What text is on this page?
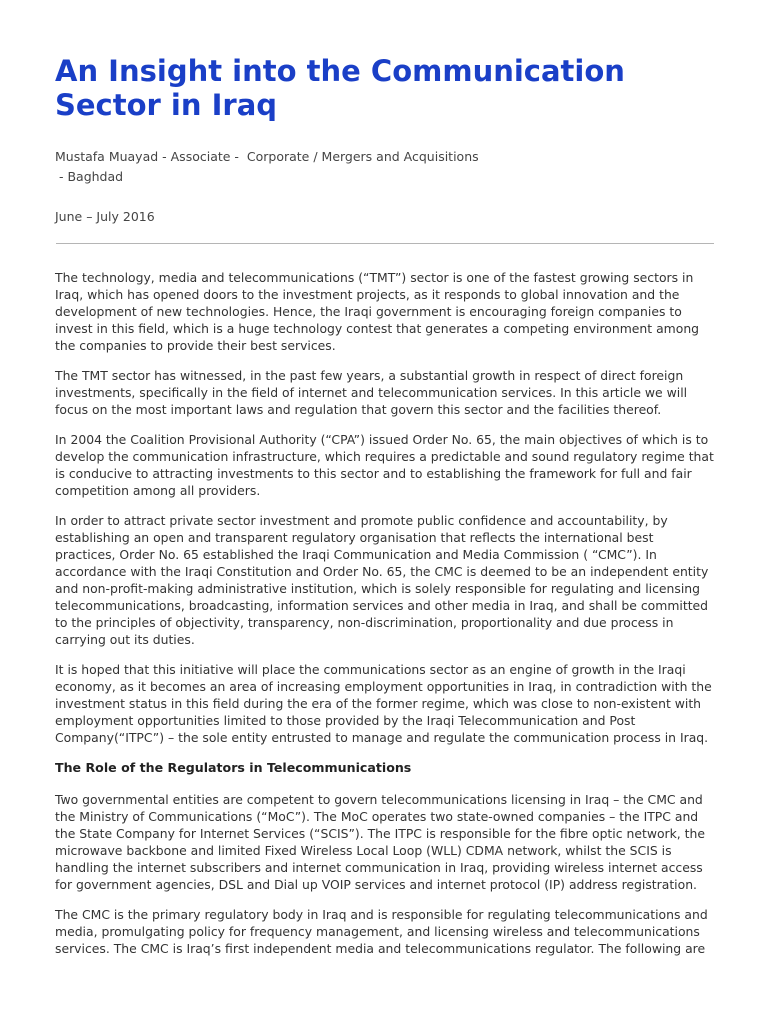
An Insight into the Communication Sector in Iraq
Mustafa Muayad - Associate -  Corporate / Mergers and Acquisitions
- Baghdad
June – July 2016

The technology, media and telecommunications (“TMT”) sector is one of the fastest growing sectors in Iraq, which has opened doors to the investment projects, as it responds to global innovation and the development of new technologies. Hence, the Iraqi government is encouraging foreign companies to invest in this field, which is a huge technology contest that generates a competing environment among the companies to provide their best services.

The TMT sector has witnessed, in the past few years, a substantial growth in respect of direct foreign investments, specifically in the field of internet and telecommunication services. In this article we will focus on the most important laws and regulation that govern this sector and the facilities thereof.

In 2004 the Coalition Provisional Authority (“CPA”) issued Order No. 65, the main objectives of which is to develop the communication infrastructure, which requires a predictable and sound regulatory regime that is conducive to attracting investments to this sector and to establishing the framework for full and fair competition among all providers.

In order to attract private sector investment and promote public confidence and accountability, by establishing an open and transparent regulatory organisation that reflects the international best practices, Order No. 65 established the Iraqi Communication and Media Commission ( “CMC”). In accordance with the Iraqi Constitution and Order No. 65, the CMC is deemed to be an independent entity and non-profit-making administrative institution, which is solely responsible for regulating and licensing telecommunications, broadcasting, information services and other media in Iraq, and shall be committed to the principles of objectivity, transparency, non-discrimination, proportionality and due process in carrying out its duties.

It is hoped that this initiative will place the communications sector as an engine of growth in the Iraqi economy, as it becomes an area of increasing employment opportunities in Iraq, in contradiction with the investment status in this field during the era of the former regime, which was close to non-existent with employment opportunities limited to those provided by the Iraqi Telecommunication and Post Company(“ITPC”) – the sole entity entrusted to manage and regulate the communication process in Iraq.

The Role of the Regulators in Telecommunications

Two governmental entities are competent to govern telecommunications licensing in Iraq – the CMC and the Ministry of Communications (“MoC”). The MoC operates two state-owned companies – the ITPC and the State Company for Internet Services (“SCIS”). The ITPC is responsible for the fibre optic network, the microwave backbone and limited Fixed Wireless Local Loop (WLL) CDMA network, whilst the SCIS is handling the internet subscribers and internet communication in Iraq, providing wireless internet access for government agencies, DSL and Dial up VOIP services and internet protocol (IP) address registration.

The CMC is the primary regulatory body in Iraq and is responsible for regulating telecommunications and media, promulgating policy for frequency management, and licensing wireless and telecommunications services. The CMC is Iraq’s first independent media and telecommunications regulator. The following are
